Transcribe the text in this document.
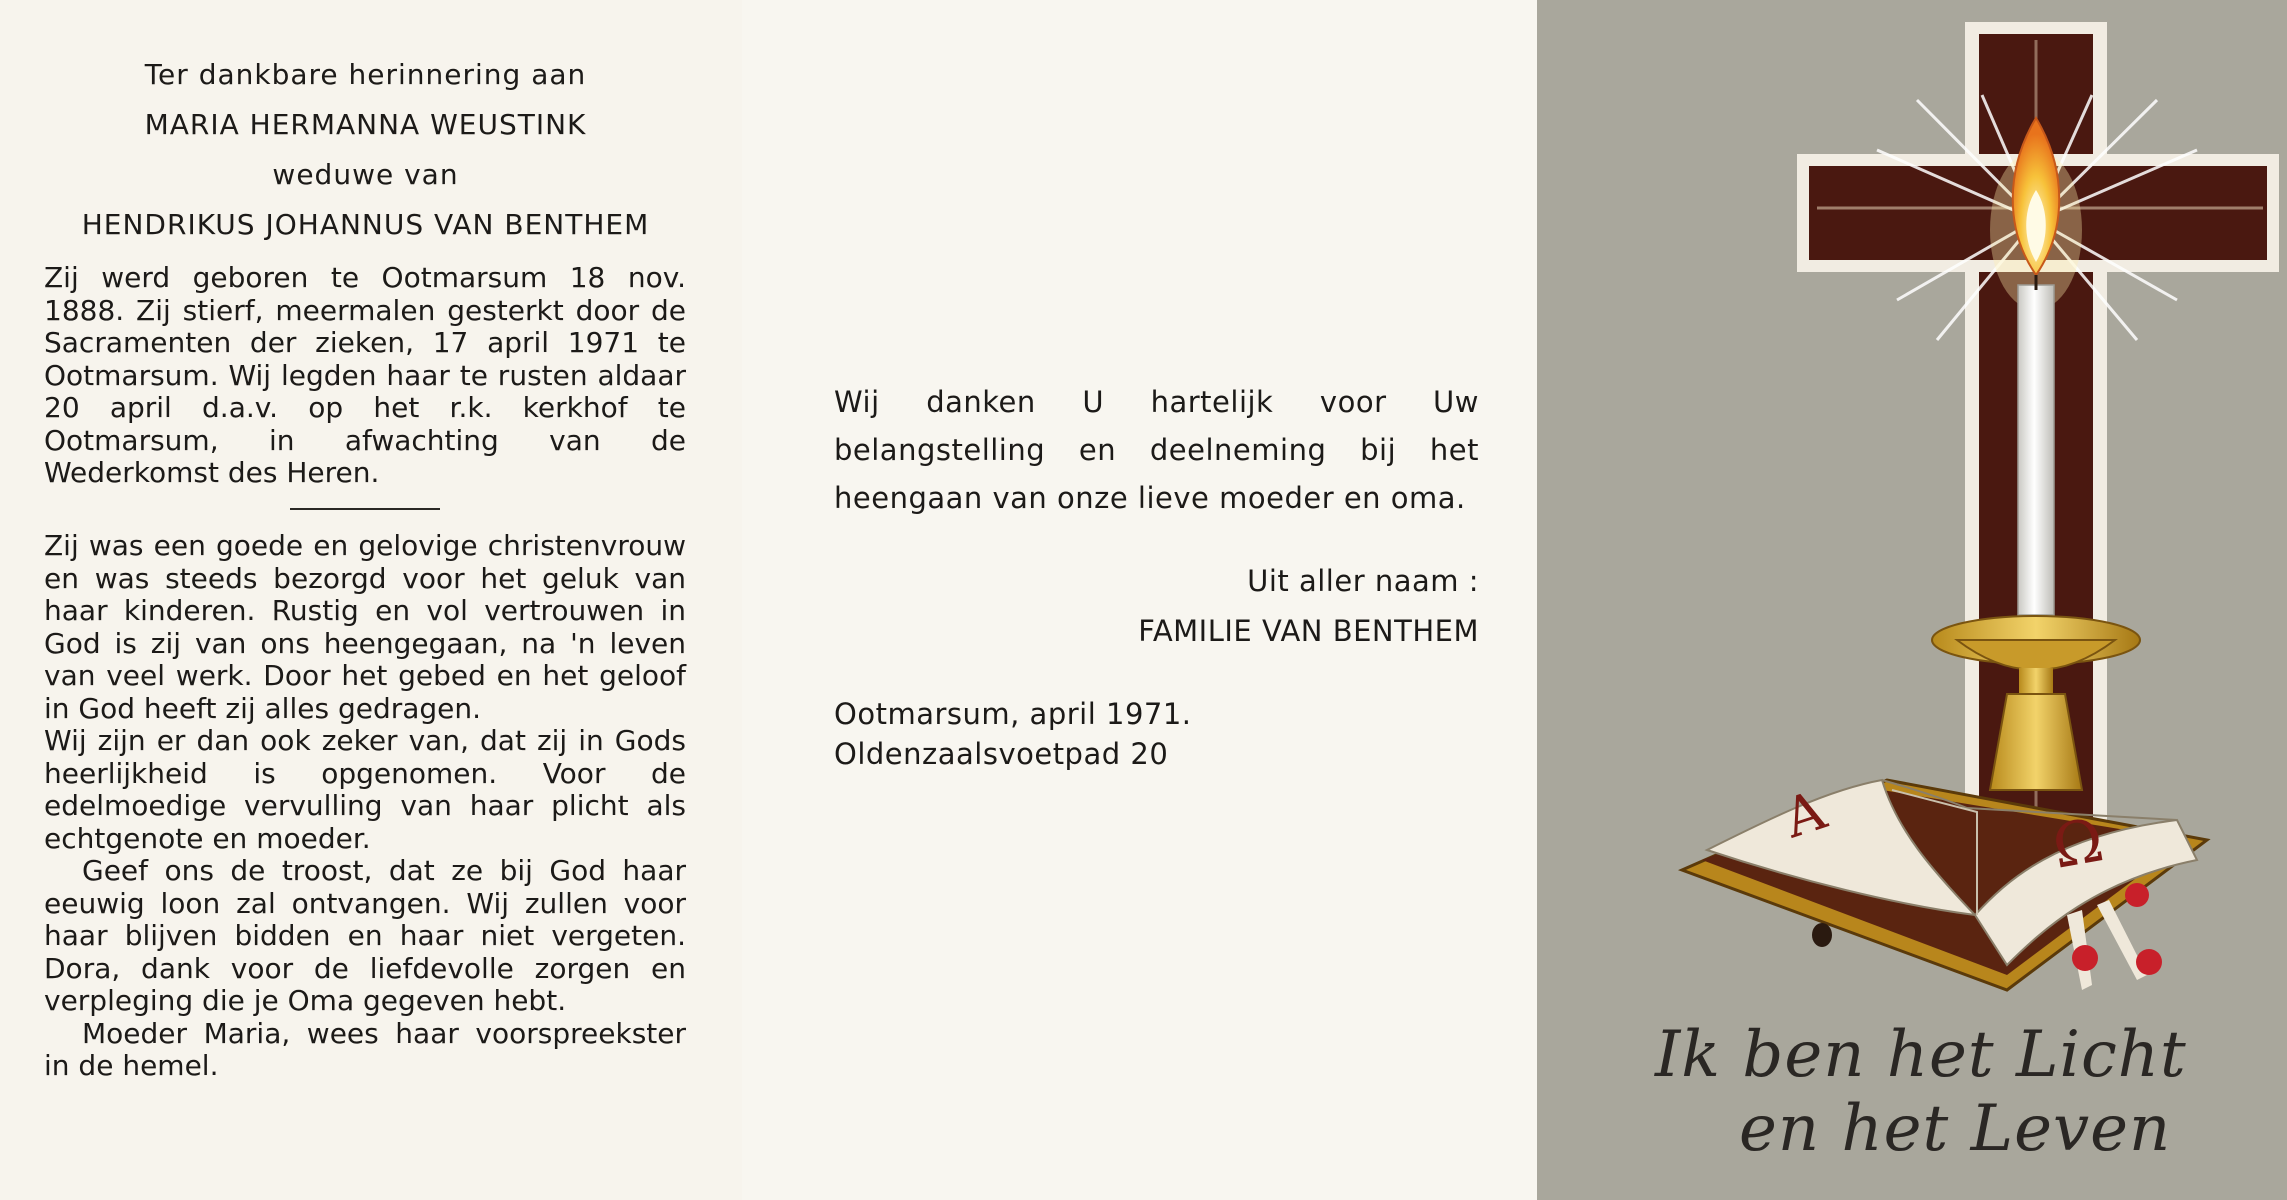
Ter dankbare herinnering aan
MARIA HERMANNA WEUSTINK
weduwe van
HENDRIKUS JOHANNUS VAN BENTHEM

Zij werd geboren te Ootmarsum 18 nov. 1888. Zij stierf, meermalen gesterkt door de Sacramenten der zieken, 17 april 1971 te Ootmarsum. Wij legden haar te rusten aldaar 20 april d.a.v. op het r.k. kerkhof te Ootmarsum, in afwachting van de Wederkomst des Heren.

Zij was een goede en gelovige christenvrouw en was steeds bezorgd voor het geluk van haar kinderen. Rustig en vol vertrouwen in God is zij van ons heengegaan, na 'n leven van veel werk. Door het gebed en het geloof in God heeft zij alles gedragen.

Wij zijn er dan ook zeker van, dat zij in Gods heerlijkheid is opgenomen. Voor de edelmoedige vervulling van haar plicht als echtgenote en moeder.

Geef ons de troost, dat ze bij God haar eeuwig loon zal ontvangen. Wij zullen voor haar blijven bidden en haar niet vergeten. Dora, dank voor de liefdevolle zorgen en verpleging die je Oma gegeven hebt.

Moeder Maria, wees haar voorspreekster in de hemel.

Wij danken U hartelijk voor Uw belangstelling en deelneming bij het heengaan van onze lieve moeder en oma.

Uit aller naam :
FAMILIE VAN BENTHEM
Ootmarsum, april 1971.
Oldenzaalsvoetpad 20
A	Ω
Ik ben het Licht
en het Leven
